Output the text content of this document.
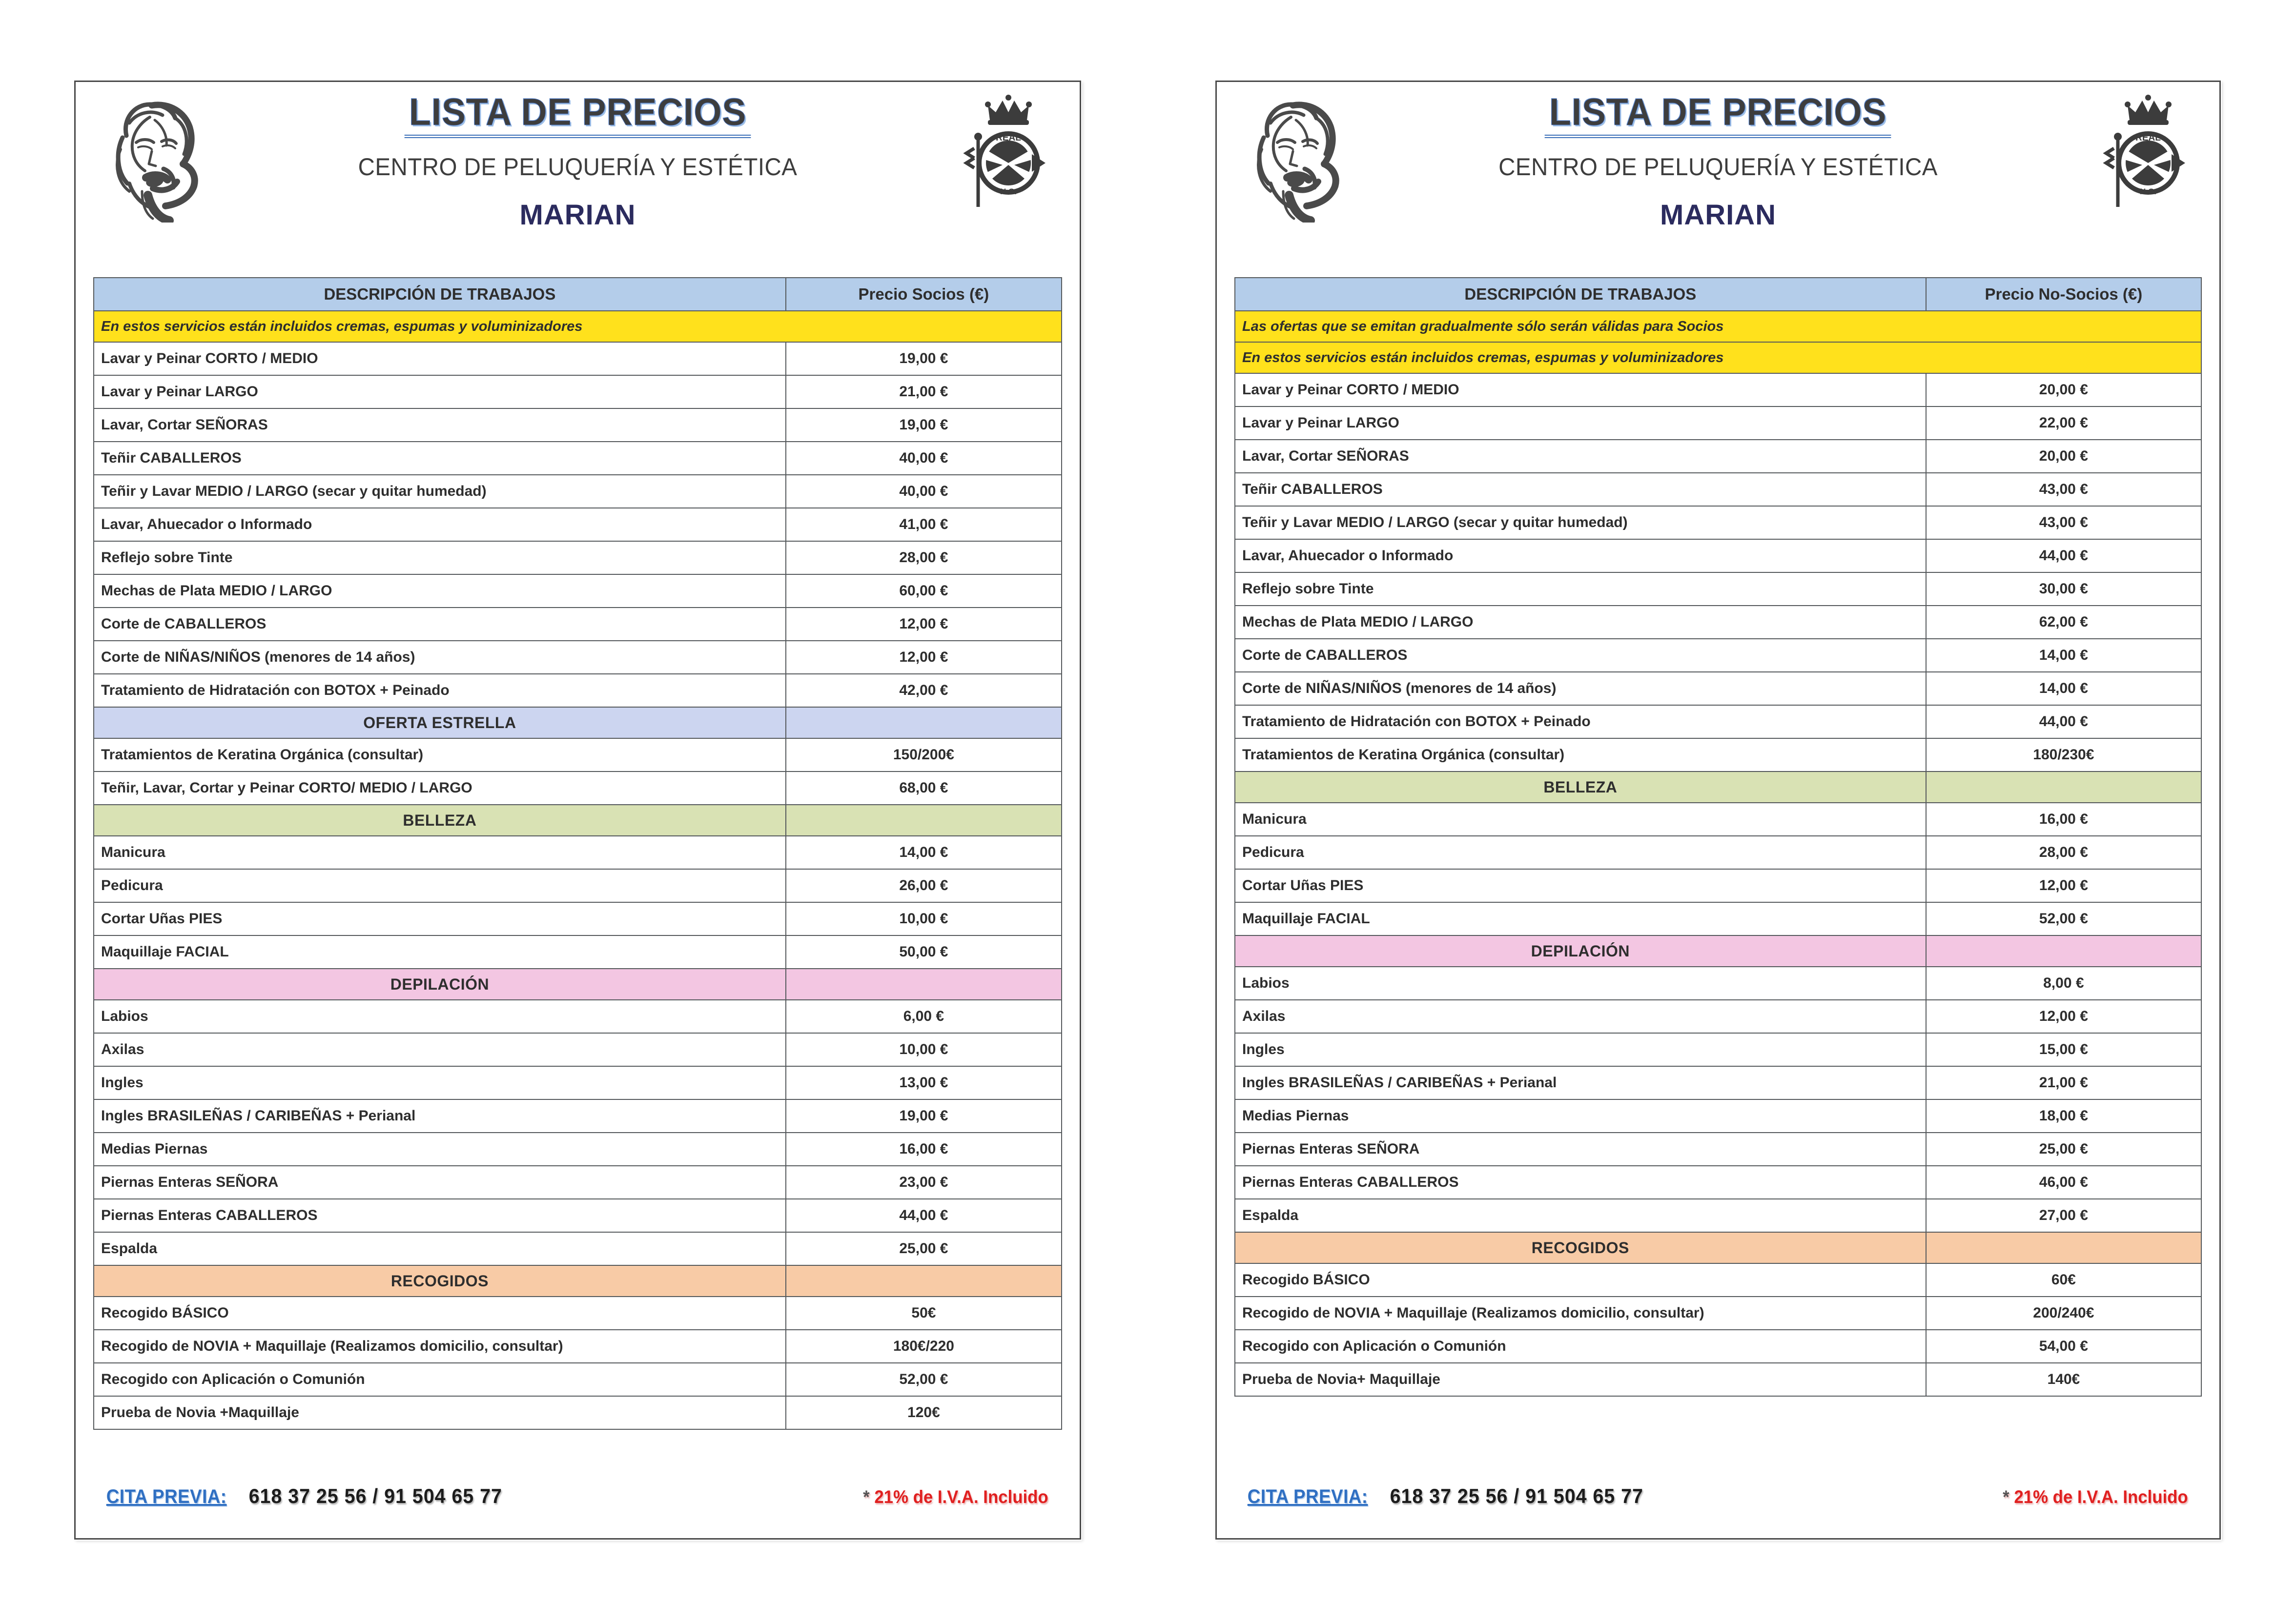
LISTA DE PRECIOS
CENTRO DE PELUQUERÍA Y ESTÉTICA
MARIAN
REAL
N.C.
DESCRIPCIÓN DE TRABAJOS	Precio Socios (€)
En estos servicios están incluidos cremas, espumas y voluminizadores	
Lavar y Peinar CORTO / MEDIO	19,00 €
Lavar y Peinar LARGO	21,00 €
Lavar, Cortar SEÑORAS	19,00 €
Teñir CABALLEROS	40,00 €
Teñir y Lavar MEDIO / LARGO (secar y quitar humedad)	40,00 €
Lavar, Ahuecador o Informado	41,00 €
Reflejo sobre Tinte	28,00 €
Mechas de Plata MEDIO / LARGO	60,00 €
Corte de CABALLEROS	12,00 €
Corte de NIÑAS/NIÑOS (menores de 14 años)	12,00 €
Tratamiento de Hidratación con BOTOX + Peinado	42,00 €
OFERTA ESTRELLA	
Tratamientos de Keratina Orgánica (consultar)	150/200€
Teñir, Lavar, Cortar y Peinar CORTO/ MEDIO / LARGO	68,00 €
BELLEZA	
Manicura	14,00 €
Pedicura	26,00 €
Cortar Uñas PIES	10,00 €
Maquillaje FACIAL	50,00 €
DEPILACIÓN	
Labios	6,00 €
Axilas	10,00 €
Ingles	13,00 €
Ingles BRASILEÑAS / CARIBEÑAS + Perianal	19,00 €
Medias Piernas	16,00 €
Piernas Enteras SEÑORA	23,00 €
Piernas Enteras CABALLEROS	44,00 €
Espalda	25,00 €
RECOGIDOS	
Recogido BÁSICO	50€
Recogido de NOVIA + Maquillaje (Realizamos domicilio, consultar)	180€/220
Recogido con Aplicación o Comunión	52,00 €
Prueba de Novia +Maquillaje	120€
CITA PREVIA: 618 37 25 56 / 91 504 65 77	* 21% de I.V.A. Incluido
LISTA DE PRECIOS
CENTRO DE PELUQUERÍA Y ESTÉTICA
MARIAN
REAL
N.C.
DESCRIPCIÓN DE TRABAJOS	Precio No-Socios (€)
Las ofertas que se emitan gradualmente sólo serán válidas para Socios	
En estos servicios están incluidos cremas, espumas y voluminizadores	
Lavar y Peinar CORTO / MEDIO	20,00 €
Lavar y Peinar LARGO	22,00 €
Lavar, Cortar SEÑORAS	20,00 €
Teñir CABALLEROS	43,00 €
Teñir y Lavar MEDIO / LARGO (secar y quitar humedad)	43,00 €
Lavar, Ahuecador o Informado	44,00 €
Reflejo sobre Tinte	30,00 €
Mechas de Plata MEDIO / LARGO	62,00 €
Corte de CABALLEROS	14,00 €
Corte de NIÑAS/NIÑOS (menores de 14 años)	14,00 €
Tratamiento de Hidratación con BOTOX + Peinado	44,00 €
Tratamientos de Keratina Orgánica (consultar)	180/230€
BELLEZA	
Manicura	16,00 €
Pedicura	28,00 €
Cortar Uñas PIES	12,00 €
Maquillaje FACIAL	52,00 €
DEPILACIÓN	
Labios	8,00 €
Axilas	12,00 €
Ingles	15,00 €
Ingles BRASILEÑAS / CARIBEÑAS + Perianal	21,00 €
Medias Piernas	18,00 €
Piernas Enteras SEÑORA	25,00 €
Piernas Enteras CABALLEROS	46,00 €
Espalda	27,00 €
RECOGIDOS	
Recogido BÁSICO	60€
Recogido de NOVIA + Maquillaje (Realizamos domicilio, consultar)	200/240€
Recogido con Aplicación o Comunión	54,00 €
Prueba de Novia+ Maquillaje	140€
CITA PREVIA: 618 37 25 56 / 91 504 65 77	* 21% de I.V.A. Incluido
